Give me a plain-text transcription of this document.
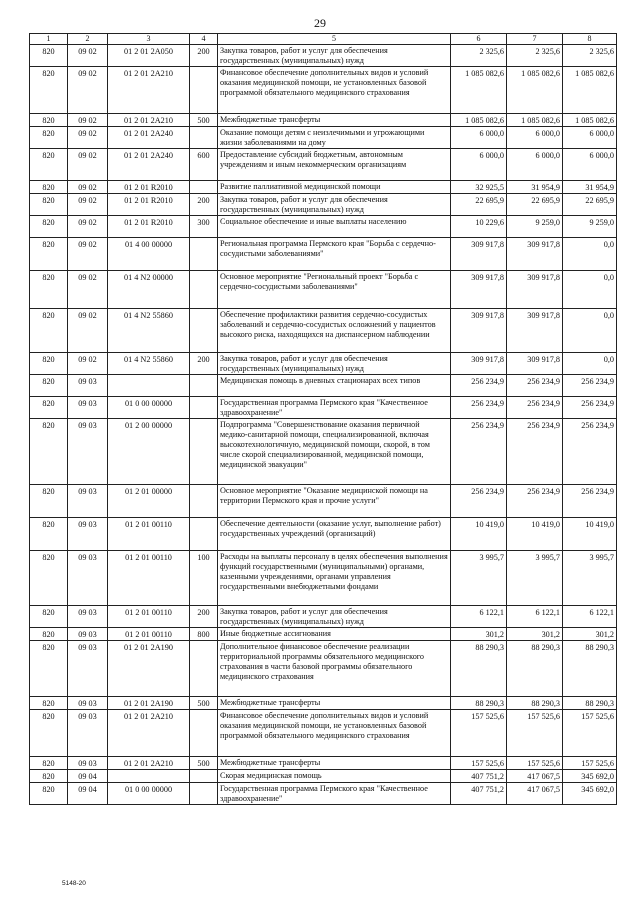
29
1	2	3	4	5	6	7	8
820	09 02	01 2 01 2А050	200	Закупка товаров, работ и услуг для обеспечения государственных (муниципальных) нужд	2 325,6	2 325,6	2 325,6
820	09 02	01 2 01 2А210		Финансовое обеспечение дополнительных видов и условий оказания медицинской помощи, не установленных базовой программой обязательного медицинского страхования	1 085 082,6	1 085 082,6	1 085 082,6
820	09 02	01 2 01 2А210	500	Межбюджетные трансферты	1 085 082,6	1 085 082,6	1 085 082,6
820	09 02	01 2 01 2А240		Оказание помощи детям с неизлечимыми и угрожающими жизни заболеваниями на дому	6 000,0	6 000,0	6 000,0
820	09 02	01 2 01 2А240	600	Предоставление субсидий бюджетным, автономным учреждениям и иным некоммерческим организациям	6 000,0	6 000,0	6 000,0
820	09 02	01 2 01 R2010		Развитие паллиативной медицинской помощи	32 925,5	31 954,9	31 954,9
820	09 02	01 2 01 R2010	200	Закупка товаров, работ и услуг для обеспечения государственных (муниципальных) нужд	22 695,9	22 695,9	22 695,9
820	09 02	01 2 01 R2010	300	Социальное обеспечение и иные выплаты населению	10 229,6	9 259,0	9 259,0
820	09 02	01 4 00 00000		Региональная программа Пермского края "Борьба с сердечно-сосудистыми заболеваниями"	309 917,8	309 917,8	0,0
820	09 02	01 4 N2 00000		Основное мероприятие "Региональный проект "Борьба с сердечно-сосудистыми заболеваниями"	309 917,8	309 917,8	0,0
820	09 02	01 4 N2 55860		Обеспечение профилактики развития сердечно-сосудистых заболеваний и сердечно-сосудистых осложнений у пациентов высокого риска, находящихся на диспансерном наблюдении	309 917,8	309 917,8	0,0
820	09 02	01 4 N2 55860	200	Закупка товаров, работ и услуг для обеспечения государственных (муниципальных) нужд	309 917,8	309 917,8	0,0
820	09 03			Медицинская помощь в дневных стационарах всех типов	256 234,9	256 234,9	256 234,9
820	09 03	01 0 00 00000		Государственная программа Пермского края "Качественное здравоохранение"	256 234,9	256 234,9	256 234,9
820	09 03	01 2 00 00000		Подпрограмма "Совершенствование оказания первичной медико-санитарной помощи, специализированной, включая высокотехнологичную, медицинской помощи, скорой, в том числе скорой специализированной, медицинской помощи, медицинской эвакуации"	256 234,9	256 234,9	256 234,9
820	09 03	01 2 01 00000		Основное мероприятие "Оказание медицинской помощи на территории Пермского края и прочие услуги"	256 234,9	256 234,9	256 234,9
820	09 03	01 2 01 00110		Обеспечение деятельности (оказание услуг, выполнение работ) государственных учреждений (организаций)	10 419,0	10 419,0	10 419,0
820	09 03	01 2 01 00110	100	Расходы на выплаты персоналу в целях обеспечения выполнения функций государственными (муниципальными) органами, казенными учреждениями, органами управления государственными внебюджетными фондами	3 995,7	3 995,7	3 995,7
820	09 03	01 2 01 00110	200	Закупка товаров, работ и услуг для обеспечения государственных (муниципальных) нужд	6 122,1	6 122,1	6 122,1
820	09 03	01 2 01 00110	800	Иные бюджетные ассигнования	301,2	301,2	301,2
820	09 03	01 2 01 2А190		Дополнительное финансовое обеспечение реализации территориальной программы обязательного медицинского страхования в части базовой программы обязательного медицинского страхования	88 290,3	88 290,3	88 290,3
820	09 03	01 2 01 2А190	500	Межбюджетные трансферты	88 290,3	88 290,3	88 290,3
820	09 03	01 2 01 2А210		Финансовое обеспечение дополнительных видов и условий оказания медицинской помощи, не установленных базовой программой обязательного медицинского страхования	157 525,6	157 525,6	157 525,6
820	09 03	01 2 01 2А210	500	Межбюджетные трансферты	157 525,6	157 525,6	157 525,6
820	09 04			Скорая медицинская помощь	407 751,2	417 067,5	345 692,0
820	09 04	01 0 00 00000		Государственная программа Пермского края "Качественное здравоохранение"	407 751,2	417 067,5	345 692,0
5148-20
